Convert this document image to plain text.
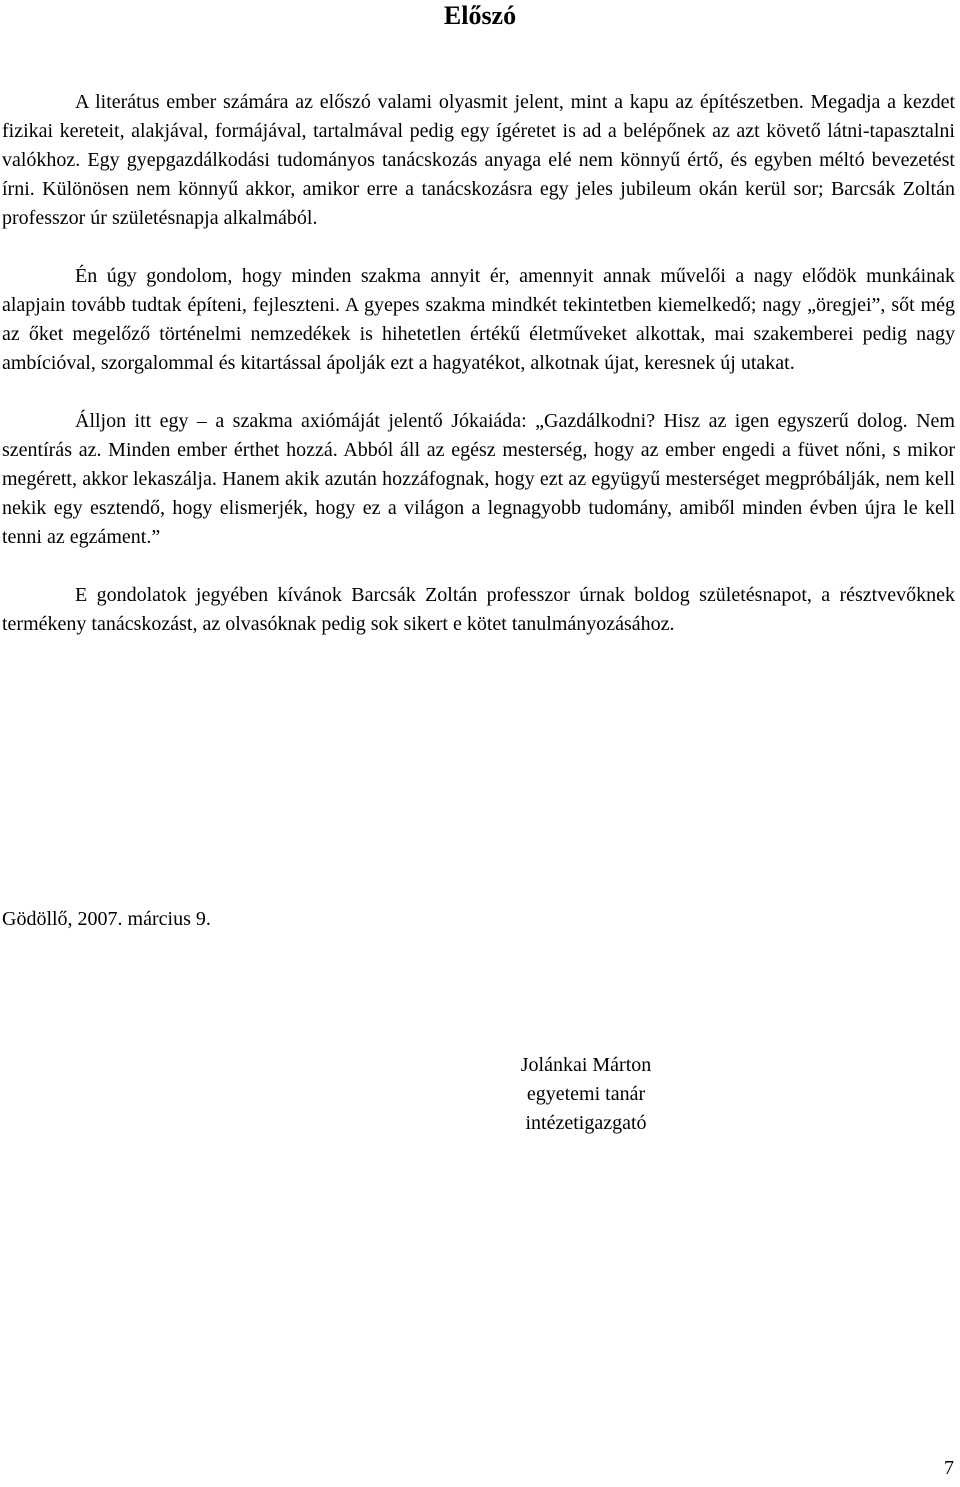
Előszó

A literátus ember számára az előszó valami olyasmit jelent, mint a kapu az építészetben. Megadja a kezdet fizikai kereteit, alakjával, formájával, tartalmával pedig egy ígéretet is ad a belépőnek az azt követő látni-tapasztalni valókhoz. Egy gyepgazdálkodási tudományos tanácskozás anyaga elé nem könnyű értő, és egyben méltó bevezetést írni. Különösen nem könnyű akkor, amikor erre a tanácskozásra egy jeles jubileum okán kerül sor; Barcsák Zoltán professzor úr születésnapja alkalmából.

Én úgy gondolom, hogy minden szakma annyit ér, amennyit annak művelői a nagy elődök munkáinak alapjain tovább tudtak építeni, fejleszteni. A gyepes szakma mindkét tekintetben kiemelkedő; nagy „öregjei”, sőt még az őket megelőző történelmi nemzedékek is hihetetlen értékű életműveket alkottak, mai szakemberei pedig nagy ambícióval, szorgalommal és kitartással ápolják ezt a hagyatékot, alkotnak újat, keresnek új utakat.

Álljon itt egy – a szakma axiómáját jelentő Jókaiáda: „Gazdálkodni? Hisz az igen egyszerű dolog. Nem szentírás az. Minden ember érthet hozzá. Abból áll az egész mesterség, hogy az ember engedi a füvet nőni, s mikor megérett, akkor lekaszálja. Hanem akik azután hozzáfognak, hogy ezt az együgyű mesterséget megpróbálják, nem kell nekik egy esztendő, hogy elismerjék, hogy ez a világon a legnagyobb tudomány, amiből minden évben újra le kell tenni az egzáment.”

E gondolatok jegyében kívánok Barcsák Zoltán professzor úrnak boldog születésnapot, a résztvevőknek termékeny tanácskozást, az olvasóknak pedig sok sikert e kötet tanulmányozásához.

Gödöllő, 2007. március 9.

Jolánkai Márton
egyetemi tanár
intézetigazgató

7
